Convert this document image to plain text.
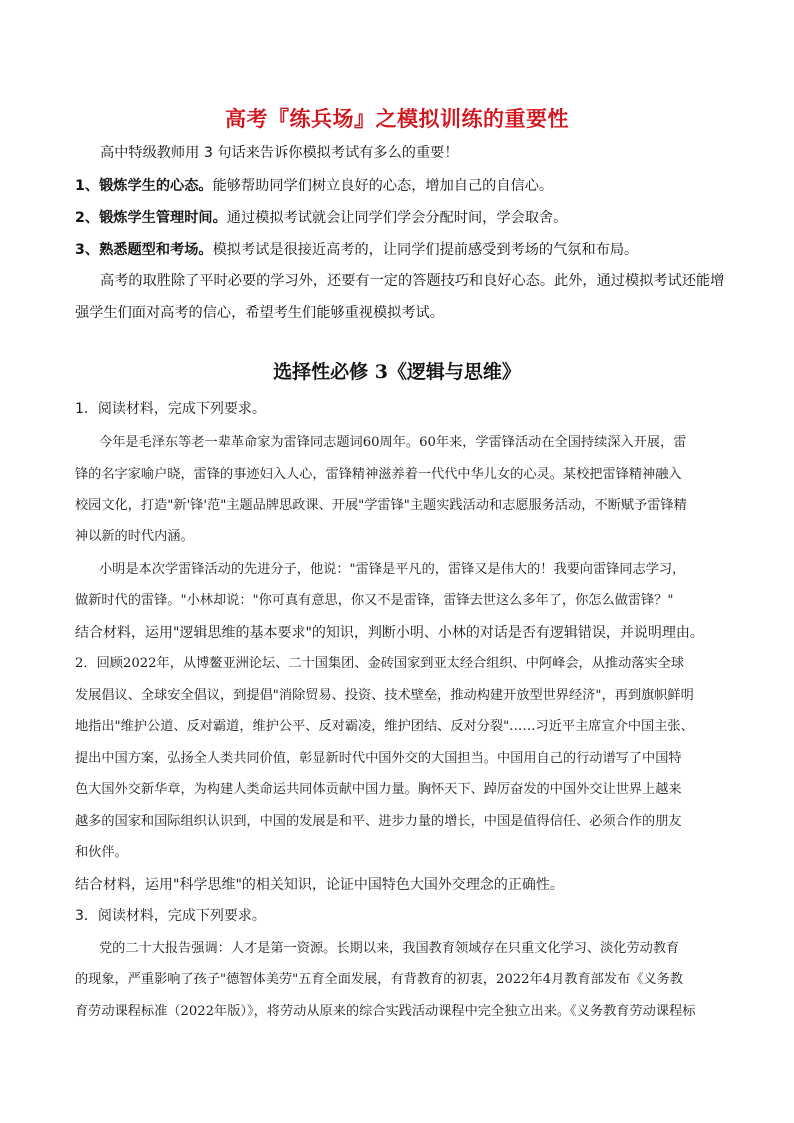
高考『练兵场』之模拟训练的重要性
高中特级教师用 3 句话来告诉你模拟考试有多么的重要！
1、锻炼学生的心态。能够帮助同学们树立良好的心态，增加自己的自信心。
2、锻炼学生管理时间。通过模拟考试就会让同学们学会分配时间，学会取舍。
3、熟悉题型和考场。模拟考试是很接近高考的，让同学们提前感受到考场的气氛和布局。
高考的取胜除了平时必要的学习外，还要有一定的答题技巧和良好心态。此外，通过模拟考试还能增
强学生们面对高考的信心，希望考生们能够重视模拟考试。
选择性必修 3《逻辑与思维》
1．阅读材料，完成下列要求。
今年是毛泽东等老一辈革命家为雷锋同志题词60周年。60年来，学雷锋活动在全国持续深入开展，雷
锋的名字家喻户晓，雷锋的事迹妇入人心，雷锋精神滋养着一代代中华儿女的心灵。某校把雷锋精神融入
校园文化，打造"新'锋'范"主题品牌思政课、开展"学雷锋"主题实践活动和志愿服务活动，不断赋予雷锋精
神以新的时代内涵。
小明是本次学雷锋活动的先进分子，他说："雷锋是平凡的，雷锋又是伟大的！我要向雷锋同志学习，
做新时代的雷锋。"小林却说："你可真有意思，你又不是雷锋，雷锋去世这么多年了，你怎么做雷锋？"
结合材料，运用"逻辑思维的基本要求"的知识，判断小明、小林的对话是否有逻辑错误，并说明理由。
2．回顾2022年，从博鳌亚洲论坛、二十国集团、金砖国家到亚太经合组织、中阿峰会，从推动落实全球
发展倡议、全球安全倡议，到提倡"消除贸易、投资、技术壁垒，推动构建开放型世界经济"，再到旗帜鲜明
地指出"维护公道、反对霸道，维护公平、反对霸凌，维护团结、反对分裂"……习近平主席宣介中国主张、
提出中国方案，弘扬全人类共同价值，彰显新时代中国外交的大国担当。中国用自己的行动谱写了中国特
色大国外交新华章，为构建人类命运共同体贡献中国力量。胸怀天下、踔厉奋发的中国外交让世界上越来
越多的国家和国际组织认识到，中国的发展是和平、进步力量的增长，中国是值得信任、必须合作的朋友
和伙伴。
结合材料，运用"科学思维"的相关知识，论证中国特色大国外交理念的正确性。
3．阅读材料，完成下列要求。
党的二十大报告强调：人才是第一资源。长期以来，我国教育领域存在只重文化学习、淡化劳动教育
的现象，严重影响了孩子"德智体美劳"五育全面发展，有背教育的初衷，2022年4月教育部发布《义务教
育劳动课程标准（2022年版）》，将劳动从原来的综合实践活动课程中完全独立出来。《义务教育劳动课程标
